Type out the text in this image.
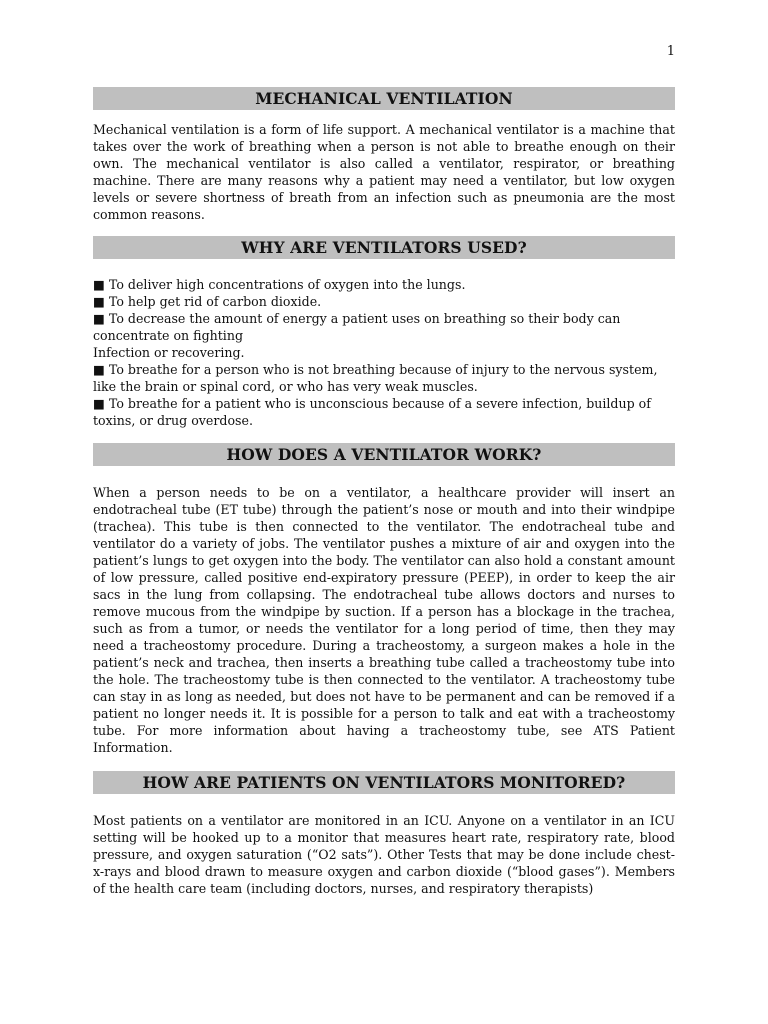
1
MECHANICAL VENTILATION

Mechanical ventilation is a form of life support. A mechanical ventilator is a machine that takes over the work of breathing when a person is not able to breathe enough on their own. The mechanical ventilator is also called a ventilator, respirator, or breathing machine. There are many reasons why a patient may need a ventilator, but low oxygen levels or severe shortness of breath from an infection such as pneumonia are the most common reasons.

WHY ARE VENTILATORS USED?
■ To deliver high concentrations of oxygen into the lungs.
■ To help get rid of carbon dioxide.
■ To decrease the amount of energy a patient uses on breathing so their body can
concentrate on fighting
Infection or recovering.
■ To breathe for a person who is not breathing because of injury to the nervous system,
like the brain or spinal cord, or who has very weak muscles.
■ To breathe for a patient who is unconscious because of a severe infection, buildup of
toxins, or drug overdose.
HOW DOES A VENTILATOR WORK?

When a person needs to be on a ventilator, a healthcare provider will insert an endotracheal tube (ET tube) through the patient’s nose or mouth and into their windpipe (trachea). This tube is then connected to the ventilator. The endotracheal tube and ventilator do a variety of jobs. The ventilator pushes a mixture of air and oxygen into the patient’s lungs to get oxygen into the body. The ventilator can also hold a constant amount of low pressure, called positive end-expiratory pressure (PEEP), in order to keep the air sacs in the lung from collapsing. The endotracheal tube allows doctors and nurses to remove mucous from the windpipe by suction. If a person has a blockage in the trachea, such as from a tumor, or needs the ventilator for a long period of time, then they may need a tracheostomy procedure. During a tracheostomy, a surgeon makes a hole in the patient’s neck and trachea, then inserts a breathing tube called a tracheostomy tube into the hole. The tracheostomy tube is then connected to the ventilator. A tracheostomy tube can stay in as long as needed, but does not have to be permanent and can be removed if a patient no longer needs it. It is possible for a person to talk and eat with a tracheostomy tube. For more information about having a tracheostomy tube, see ATS Patient Information.

HOW ARE PATIENTS ON VENTILATORS MONITORED?

Most patients on a ventilator are monitored in an ICU. Anyone on a ventilator in an ICU setting will be hooked up to a monitor that measures heart rate, respiratory rate, blood pressure, and oxygen saturation (“O2 sats”). Other Tests that may be done include chest-x-rays and blood drawn to measure oxygen and carbon dioxide (“blood gases”). Members of the health care team (including doctors, nurses, and respiratory therapists)
